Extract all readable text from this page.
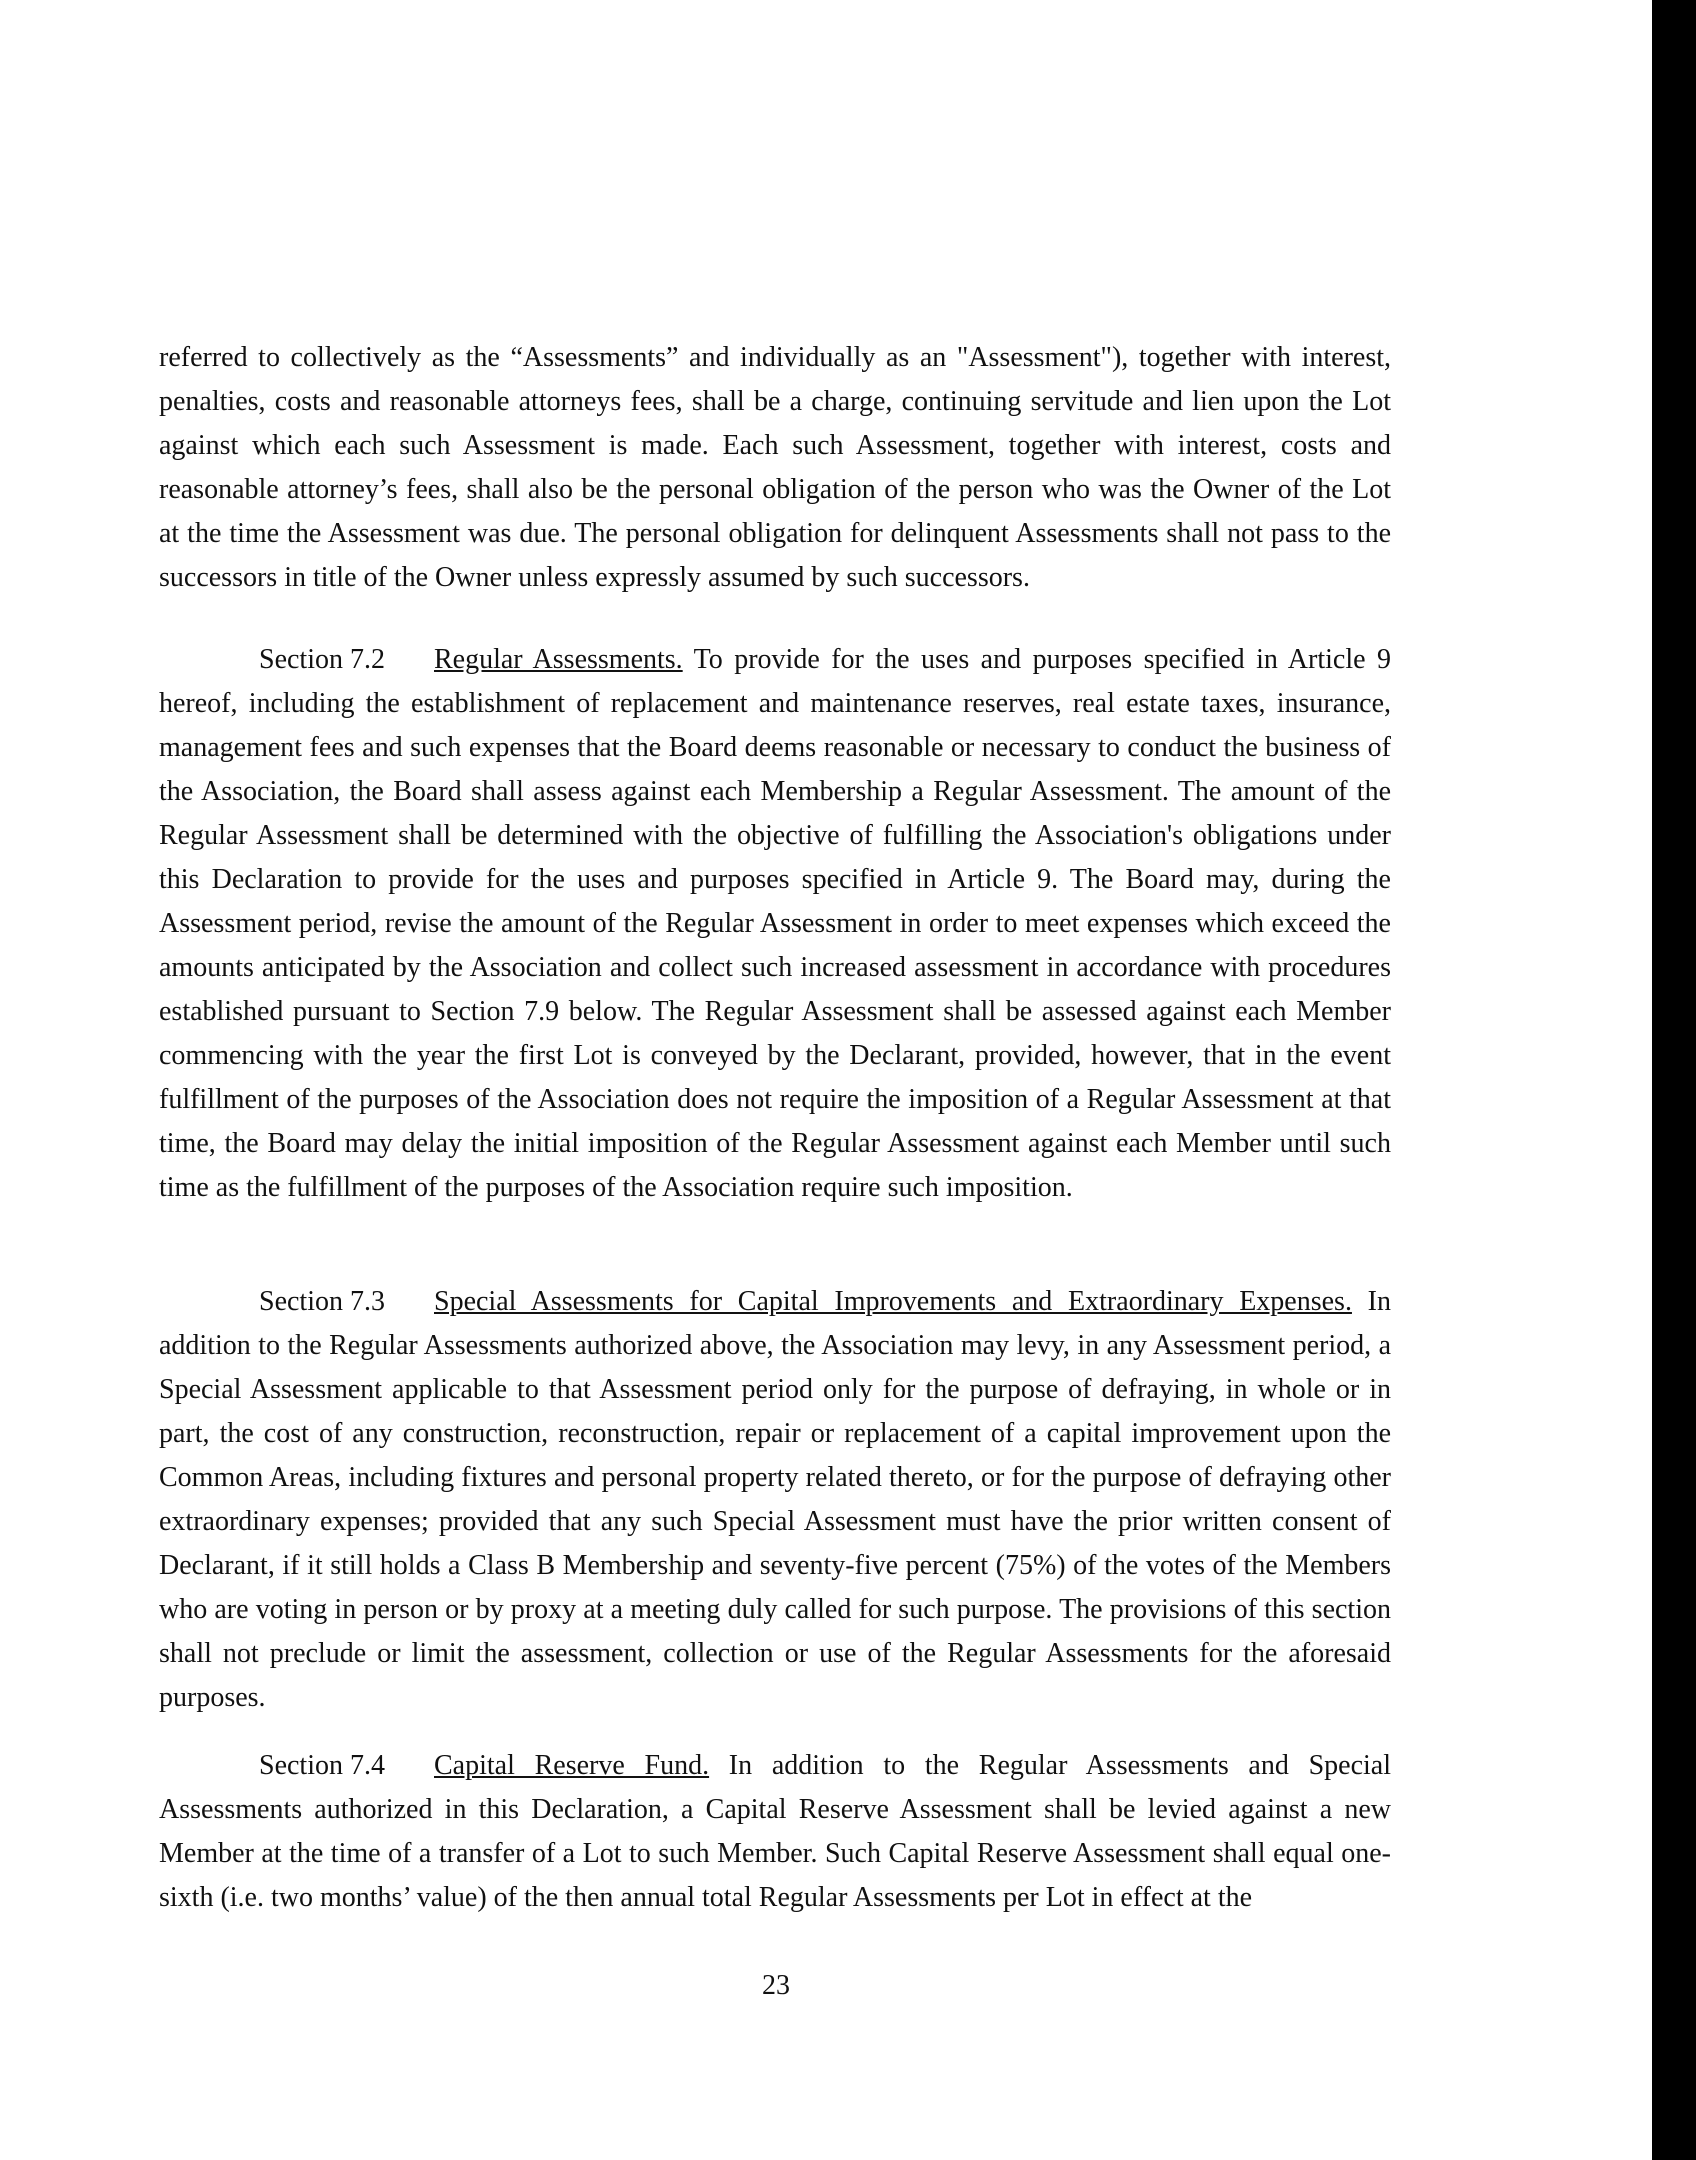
referred to collectively as the “Assessments” and individually as an "Assessment"), together with interest, penalties, costs and reasonable attorneys fees, shall be a charge, continuing servitude and lien upon the Lot against which each such Assessment is made. Each such Assessment, together with interest, costs and reasonable attorney’s fees, shall also be the personal obligation of the person who was the Owner of the Lot at the time the Assessment was due. The personal obligation for delinquent Assessments shall not pass to the successors in title of the Owner unless expressly assumed by such successors.

Section 7.2 Regular Assessments. To provide for the uses and purposes specified in Article 9 hereof, including the establishment of replacement and maintenance reserves, real estate taxes, insurance, management fees and such expenses that the Board deems reasonable or necessary to conduct the business of the Association, the Board shall assess against each Membership a Regular Assessment. The amount of the Regular Assessment shall be determined with the objective of fulfilling the Association's obligations under this Declaration to provide for the uses and purposes specified in Article 9. The Board may, during the Assessment period, revise the amount of the Regular Assessment in order to meet expenses which exceed the amounts anticipated by the Association and collect such increased assessment in accordance with procedures established pursuant to Section 7.9 below. The Regular Assessment shall be assessed against each Member commencing with the year the first Lot is conveyed by the Declarant, provided, however, that in the event fulfillment of the purposes of the Association does not require the imposition of a Regular Assessment at that time, the Board may delay the initial imposition of the Regular Assessment against each Member until such time as the fulfillment of the purposes of the Association require such imposition.

Section 7.3 Special Assessments for Capital Improvements and Extraordinary Expenses. In addition to the Regular Assessments authorized above, the Association may levy, in any Assessment period, a Special Assessment applicable to that Assessment period only for the purpose of defraying, in whole or in part, the cost of any construction, reconstruction, repair or replacement of a capital improvement upon the Common Areas, including fixtures and personal property related thereto, or for the purpose of defraying other extraordinary expenses; provided that any such Special Assessment must have the prior written consent of Declarant, if it still holds a Class B Membership and seventy-five percent (75%) of the votes of the Members who are voting in person or by proxy at a meeting duly called for such purpose. The provisions of this section shall not preclude or limit the assessment, collection or use of the Regular Assessments for the aforesaid purposes.

Section 7.4 Capital Reserve Fund. In addition to the Regular Assessments and Special Assessments authorized in this Declaration, a Capital Reserve Assessment shall be levied against a new Member at the time of a transfer of a Lot to such Member. Such Capital Reserve Assessment shall equal one-sixth (i.e. two months’ value) of the then annual total Regular Assessments per Lot in effect at the

23
